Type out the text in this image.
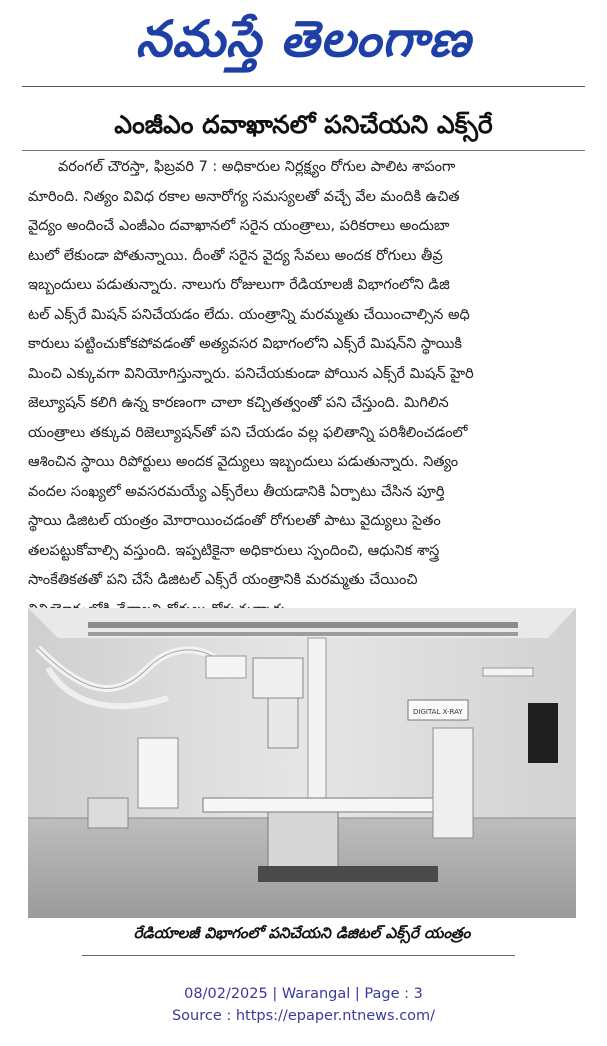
నమస్తే తెలంగాణ
ఎంజీఎం దవాఖానలో పనిచేయని ఎక్స్‌రే
వరంగల్ చౌరస్తా, ఫిబ్రవరి 7 : అధికారుల నిర్లక్ష్యం రోగుల పాలిట శాపంగా
మారింది. నిత్యం వివిధ రకాల అనారోగ్య సమస్యలతో వచ్చే వేల మందికి ఉచిత
వైద్యం అందించే ఎంజీఎం దవాఖానలో సరైన యంత్రాలు, పరికరాలు అందుబా
టులో లేకుండా పోతున్నాయి. దీంతో సరైన వైద్య సేవలు అందక రోగులు తీవ్ర
ఇబ్బందులు పడుతున్నారు. నాలుగు రోజులుగా రేడియాలజీ విభాగంలోని డిజి
టల్ ఎక్స్‌రే మిషన్ పనిచేయడం లేదు. యంత్రాన్ని మరమ్మతు చేయించాల్సిన అధి
కారులు పట్టించుకోకపోవడంతో అత్యవసర విభాగంలోని ఎక్స్‌రే మిషన్‌ని స్థాయికి
మించి ఎక్కువగా వినియోగిస్తున్నారు. పనిచేయకుండా పోయిన ఎక్స్‌రే మిషన్ హైరి
జెల్యూషన్ కలిగి ఉన్న కారణంగా చాలా కచ్చితత్వంతో పని చేస్తుంది. మిగిలిన
యంత్రాలు తక్కువ రిజెల్యూషన్‌తో పని చేయడం వల్ల ఫలితాన్ని పరిశీలించడంలో
ఆశించిన స్థాయి రిపోర్టులు అందక వైద్యులు ఇబ్బందులు పడుతున్నారు. నిత్యం
వందల సంఖ్యలో అవసరమయ్యే ఎక్స్‌రేలు తీయడానికి ఏర్పాటు చేసిన పూర్తి
స్థాయి డిజిటల్ యంత్రం మోరాయించడంతో రోగులతో పాటు వైద్యులు సైతం
తలపట్టుకోవాల్సి వస్తుంది. ఇప్పటికైనా అధికారులు స్పందించి, ఆధునిక శాస్త్ర
సాంకేతికతతో పని చేసే డిజిటల్ ఎక్స్‌రే యంత్రానికి మరమ్మతు చేయించి
DIGITAL X-RAY
రేడియాలజీ విభాగంలో పనిచేయని డిజిటల్ ఎక్స్‌రే యంత్రం
08/02/2025 | Warangal | Page : 3
Source : https://epaper.ntnews.com/
